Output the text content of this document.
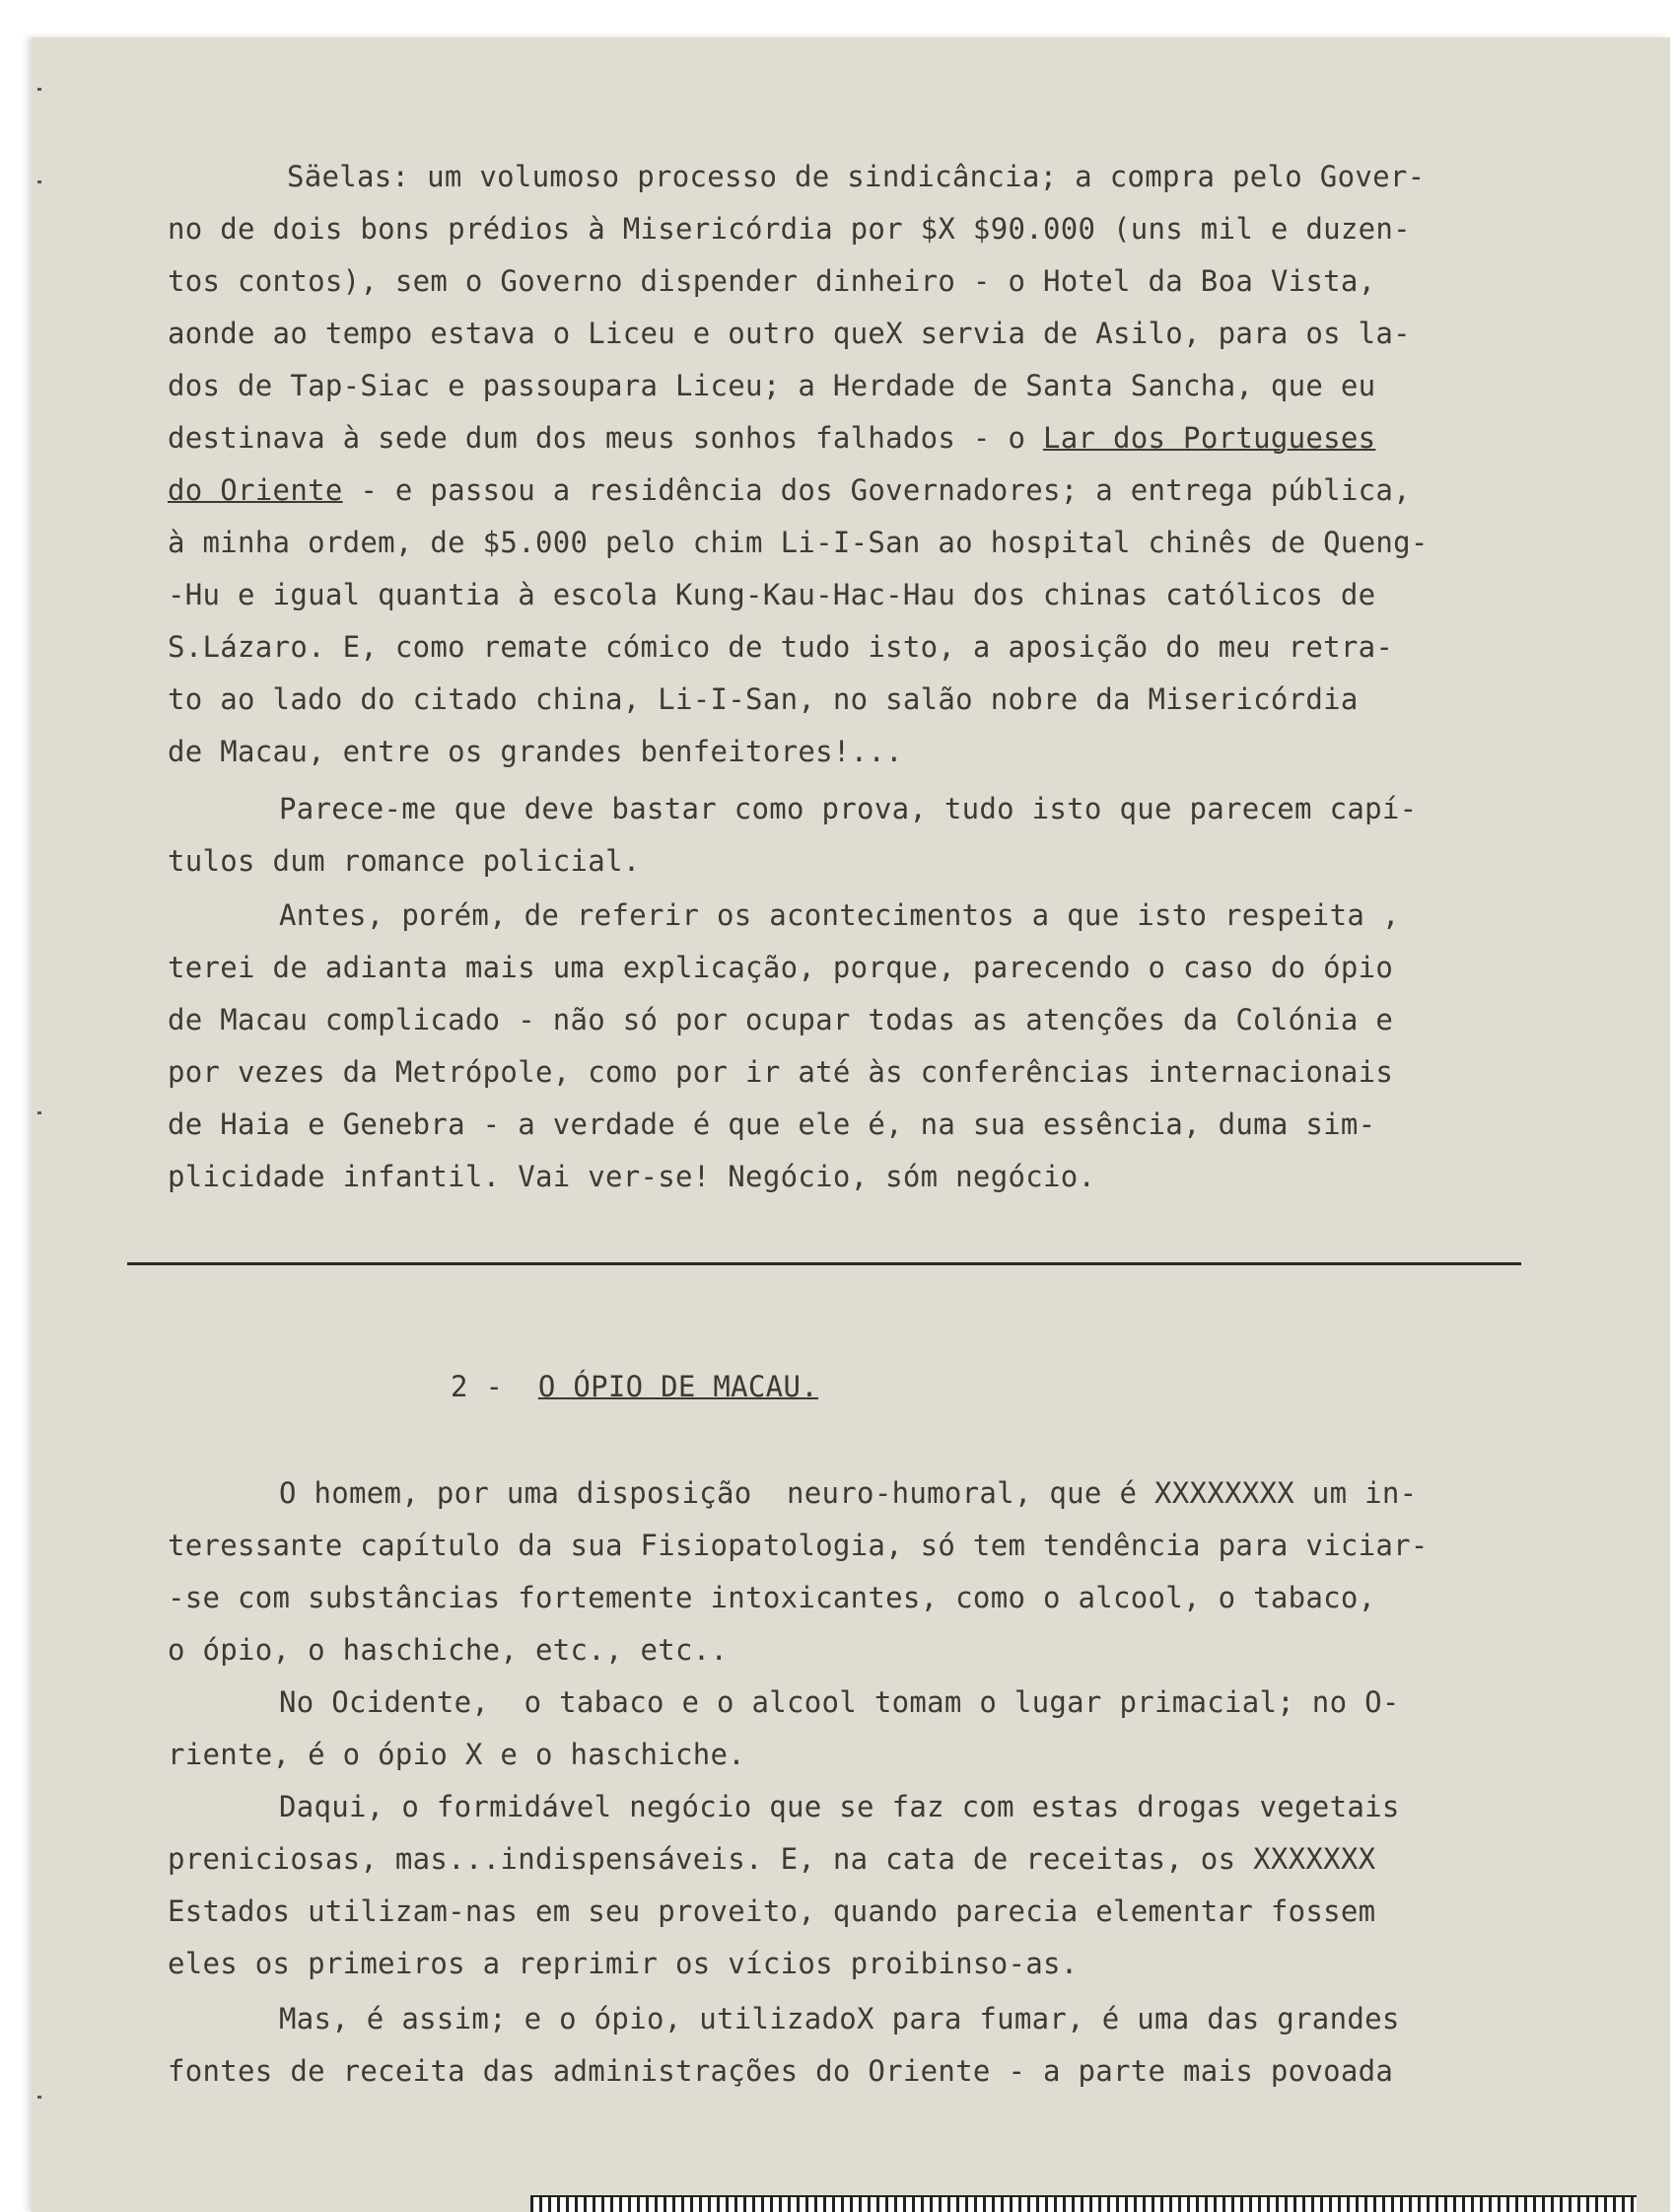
Säelas: um volumoso processo de sindicância; a compra pelo Gover-
no de dois bons prédios à Misericórdia por $X $90.000 (uns mil e duzen-
tos contos), sem o Governo dispender dinheiro - o Hotel da Boa Vista,
aonde ao tempo estava o Liceu e outro queX servia de Asilo, para os la-
dos de Tap-Siac e passoupara Liceu; a Herdade de Santa Sancha, que eu
destinava à sede dum dos meus sonhos falhados - o Lar dos Portugueses
do Oriente - e passou a residência dos Governadores; a entrega pública,
à minha ordem, de $5.000 pelo chim Li-I-San ao hospital chinês de Queng-
-Hu e igual quantia à escola Kung-Kau-Hac-Hau dos chinas católicos de
S.Lázaro. E, como remate cómico de tudo isto, a aposição do meu retra-
to ao lado do citado china, Li-I-San, no salão nobre da Misericórdia
de Macau, entre os grandes benfeitores!...
Parece-me que deve bastar como prova, tudo isto que parecem capí-
tulos dum romance policial.
Antes, porém, de referir os acontecimentos a que isto respeita ,
terei de adianta mais uma explicação, porque, parecendo o caso do ópio
de Macau complicado - não só por ocupar todas as atenções da Colónia e
por vezes da Metrópole, como por ir até às conferências internacionais
de Haia e Genebra - a verdade é que ele é, na sua essência, duma sim-
plicidade infantil. Vai ver-se! Negócio, sóm negócio.
2 - O ÓPIO DE MACAU.
O homem, por uma disposição  neuro-humoral, que é XXXXXXXX um in-
teressante capítulo da sua Fisiopatologia, só tem tendência para viciar-
-se com substâncias fortemente intoxicantes, como o alcool, o tabaco,
o ópio, o haschiche, etc., etc..
No Ocidente,  o tabaco e o alcool tomam o lugar primacial; no O-
riente, é o ópio X e o haschiche.
Daqui, o formidável negócio que se faz com estas drogas vegetais
preniciosas, mas...indispensáveis. E, na cata de receitas, os XXXXXXX
Estados utilizam-nas em seu proveito, quando parecia elementar fossem
eles os primeiros a reprimir os vícios proibinso-as.
Mas, é assim; e o ópio, utilizadoX para fumar, é uma das grandes
fontes de receita das administrações do Oriente - a parte mais povoada
